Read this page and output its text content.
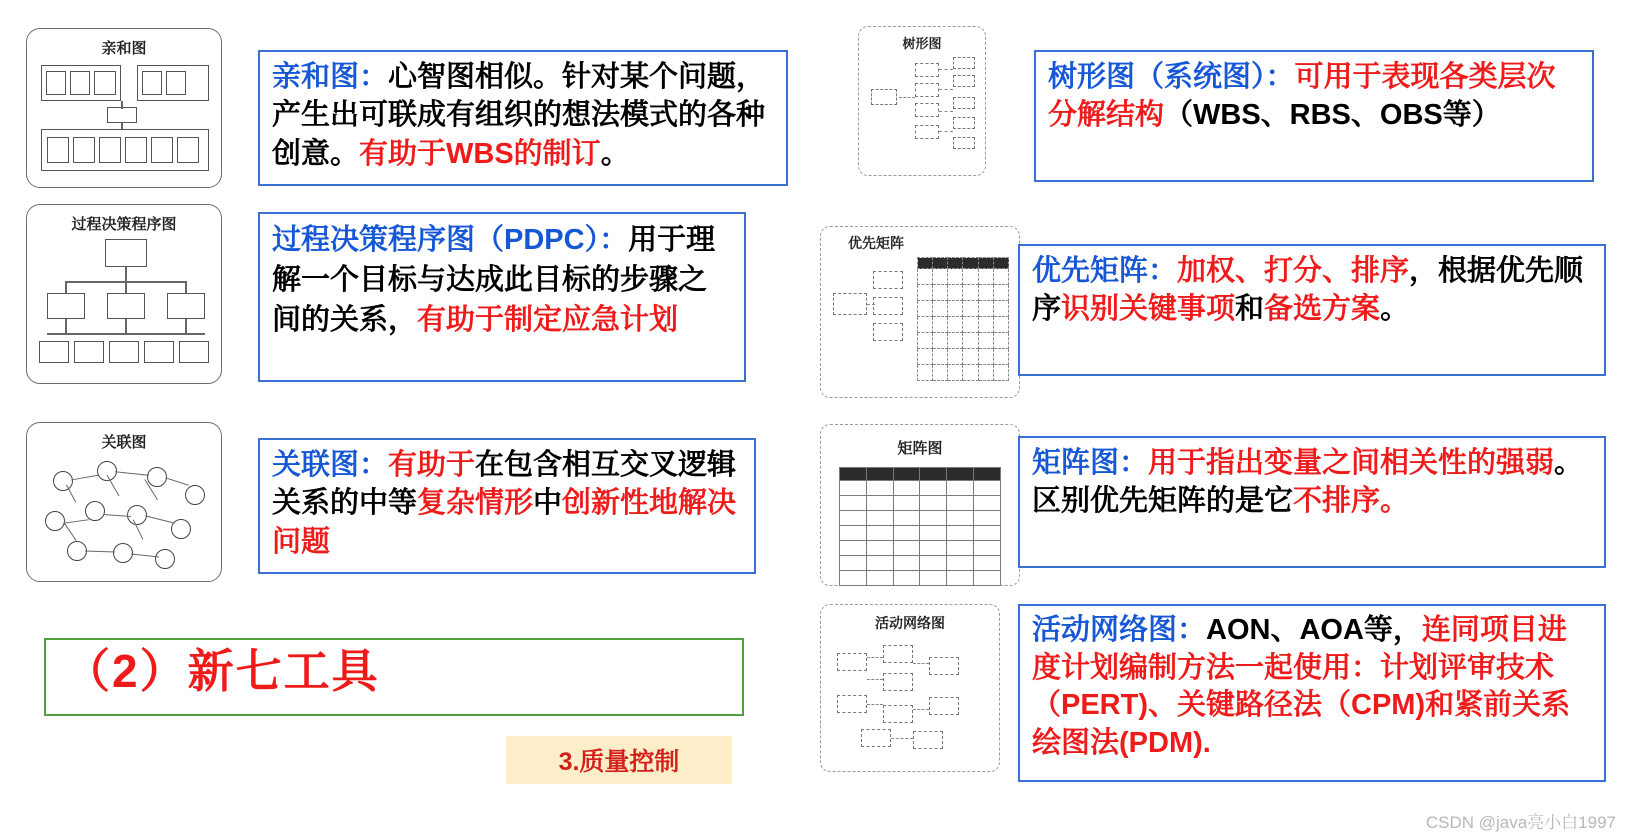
亲和图

亲和图：心智图相似。针对某个问题，产生出可联成有组织的想法模式的各种创意。有助于WBS的制订。

过程决策程序图	过程决策程序图（PDPC）：用于理解一个目标与达成此目标的步骤之间的关系，有助于制定应急计划

关联图

关联图：有助于在包含相互交叉逻辑关系的中等复杂情形中创新性地解决问题

（2）新七工具
3.质量控制
树形图

树形图（系统图）：可用于表现各类层次分解结构（WBS、RBS、OBS等）

优先矩阵

优先矩阵：加权、打分、排序，根据优先顺序识别关键事项和备选方案。

矩阵图

						矩阵图：用于指出变量之间相关性的强弱。区别优先矩阵的是它不排序。

活动网络图	活动网络图：AON、AOA等，连同项目进度计划编制方法一起使用：计划评审技术（PERT)、关键路径法（CPM)和紧前关系绘图法(PDM).

CSDN @java亮小白1997
